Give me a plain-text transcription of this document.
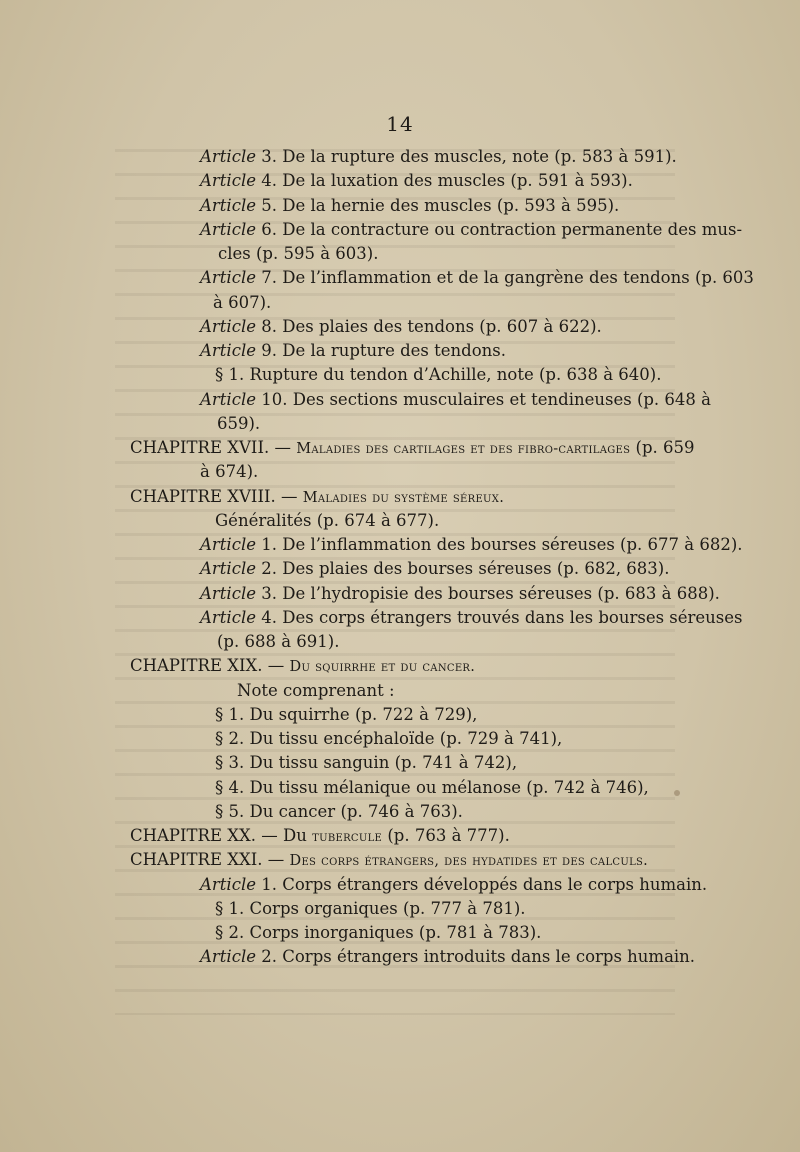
14
Article 3. De la rupture des muscles, note (p. 583 à 591).
Article 4. De la luxation des muscles (p. 591 à 593).
Article 5. De la hernie des muscles (p. 593 à 595).
Article 6. De la contracture ou contraction permanente des mus-
cles (p. 595 à 603).
Article 7. De l’inflammation et de la gangrène des tendons (p. 603
à 607).
Article 8. Des plaies des tendons (p. 607 à 622).
Article 9. De la rupture des tendons.
§ 1. Rupture du tendon d’Achille, note (p. 638 à 640).
Article 10. Des sections musculaires et tendineuses (p. 648 à
659).
CHAPITRE XVII. — Maladies des cartilages et des fibro-cartilages (p. 659
à 674).
CHAPITRE XVIII. — Maladies du système séreux.
Généralités (p. 674 à 677).
Article 1. De l’inflammation des bourses séreuses (p. 677 à 682).
Article 2. Des plaies des bourses séreuses (p. 682, 683).
Article 3. De l’hydropisie des bourses séreuses (p. 683 à 688).
Article 4. Des corps étrangers trouvés dans les bourses séreuses
(p. 688 à 691).
CHAPITRE XIX. — Du squirrhe et du cancer.
Note comprenant :
§ 1. Du squirrhe (p. 722 à 729),
§ 2. Du tissu encéphaloïde (p. 729 à 741),
§ 3. Du tissu sanguin (p. 741 à 742),
§ 4. Du tissu mélanique ou mélanose (p. 742 à 746),
§ 5. Du cancer (p. 746 à 763).
CHAPITRE XX. — Du tubercule (p. 763 à 777).
CHAPITRE XXI. — Des corps étrangers, des hydatides et des calculs.
Article 1. Corps étrangers développés dans le corps humain.
§ 1. Corps organiques (p. 777 à 781).
§ 2. Corps inorganiques (p. 781 à 783).
Article 2. Corps étrangers introduits dans le corps humain.
